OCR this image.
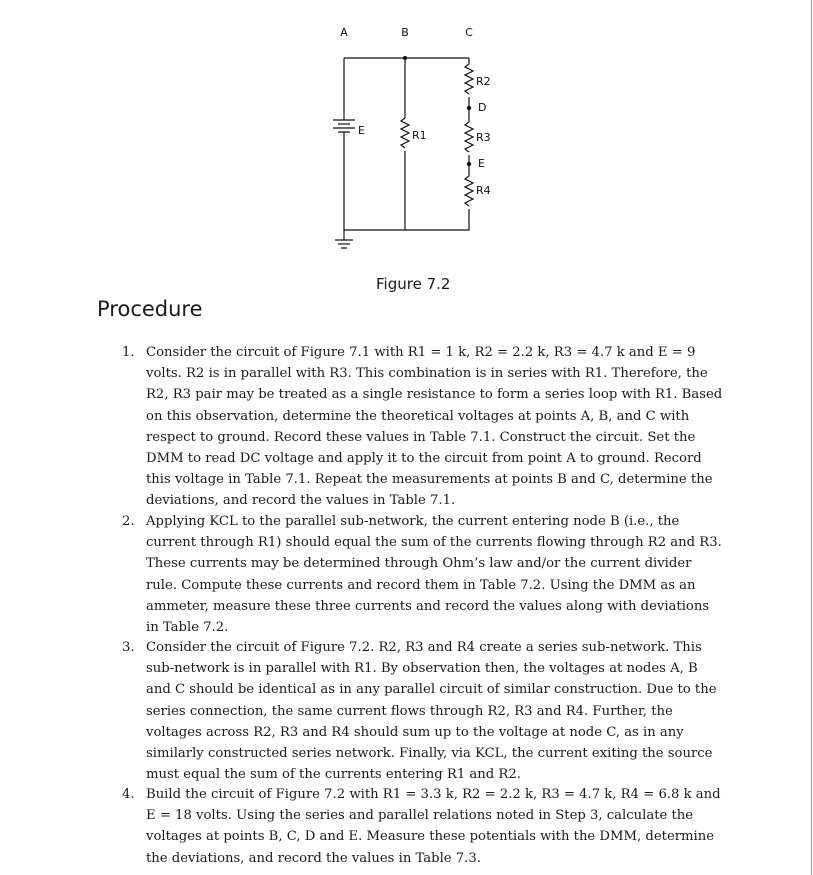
A	B	C
E	R1
R2
D
R3
E
R4
Figure 7.2
Procedure
1. Consider the circuit of Figure 7.1 with R1 = 1 k, R2 = 2.2 k, R3 = 4.7 k and E = 9 volts. R2 is in parallel with R3. This combination is in series with R1. Therefore, the R2, R3 pair may be treated as a single resistance to form a series loop with R1. Based on this observation, determine the theoretical voltages at points A, B, and C with respect to ground. Record these values in Table 7.1. Construct the circuit. Set the DMM to read DC voltage and apply it to the circuit from point A to ground. Record this voltage in Table 7.1. Repeat the measurements at points B and C, determine the deviations, and record the values in Table 7.1.
2. Applying KCL to the parallel sub-network, the current entering node B (i.e., the current through R1) should equal the sum of the currents flowing through R2 and R3. These currents may be determined through Ohm’s law and/or the current divider rule. Compute these currents and record them in Table 7.2. Using the DMM as an ammeter, measure these three currents and record the values along with deviations in Table 7.2.
3. Consider the circuit of Figure 7.2. R2, R3 and R4 create a series sub-network. This sub-network is in parallel with R1. By observation then, the voltages at nodes A, B and C should be identical as in any parallel circuit of similar construction. Due to the series connection, the same current flows through R2, R3 and R4. Further, the voltages across R2, R3 and R4 should sum up to the voltage at node C, as in any similarly constructed series network. Finally, via KCL, the current exiting the source must equal the sum of the currents entering R1 and R2.
4. Build the circuit of Figure 7.2 with R1 = 3.3 k, R2 = 2.2 k, R3 = 4.7 k, R4 = 6.8 k and E = 18 volts. Using the series and parallel relations noted in Step 3, calculate the voltages at points B, C, D and E. Measure these potentials with the DMM, determine the deviations, and record the values in Table 7.3.
